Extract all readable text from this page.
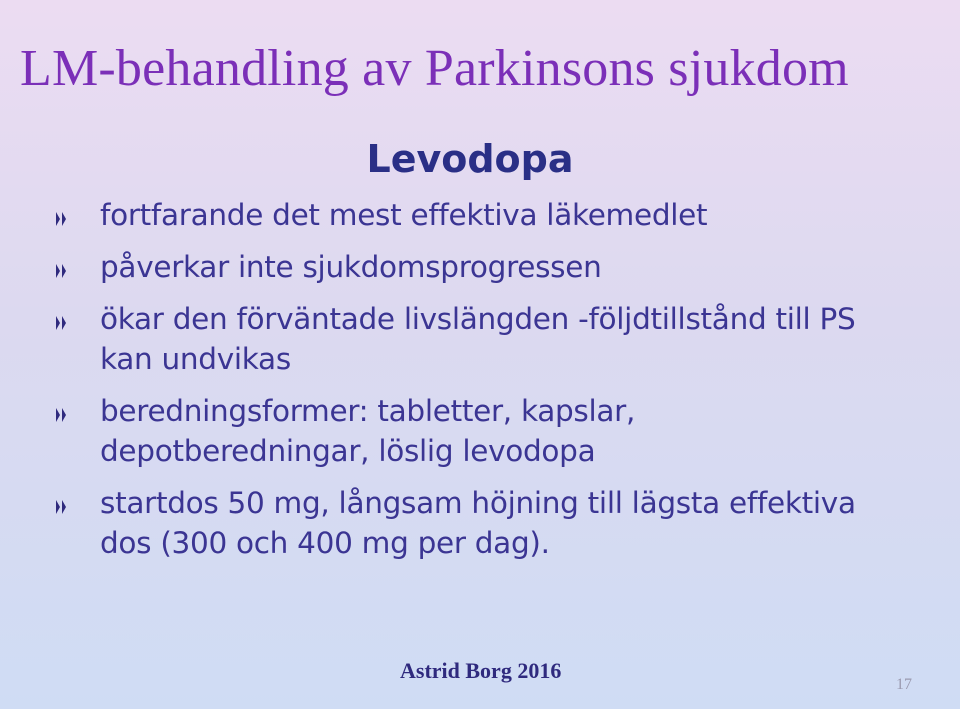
LM-behandling av Parkinsons sjukdom
Levodopa
fortfarande det mest effektiva läkemedlet
påverkar inte sjukdomsprogressen
ökar den förväntade livslängden -följdtillstånd till PS kan undvikas
beredningsformer: tabletter, kapslar, depotberedningar, löslig levodopa
startdos 50 mg, långsam höjning till lägsta effektiva dos (300 och 400 mg per dag).
Astrid Borg 2016
17
